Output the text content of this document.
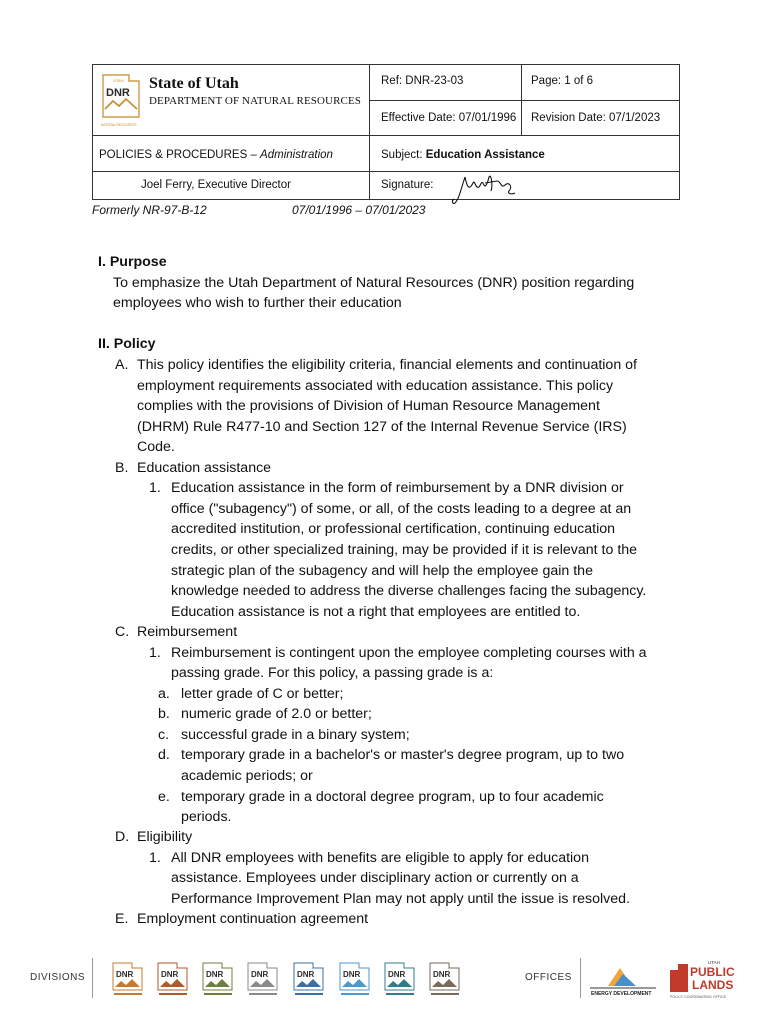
UTAH
DNR
NATURAL RESOURCES
State of Utah
DEPARTMENT OF NATURAL RESOURCES
Ref: DNR-23-03	Page: 1 of 6
Effective Date: 07/01/1996 Revision Date: 07/1/2023
POLICIES & PROCEDURES – Administration	Subject: Education Assistance
Joel Ferry, Executive Director	Signature:
Formerly NR-97-B-12	07/01/1996 – 07/01/2023
I. Purpose
To emphasize the Utah Department of Natural Resources (DNR) position regarding
employees who wish to further their education
II. Policy
A. This policy identifies the eligibility criteria, financial elements and continuation of
employment requirements associated with education assistance. This policy
complies with the provisions of Division of Human Resource Management
(DHRM) Rule R477-10 and Section 127 of the Internal Revenue Service (IRS)
Code.
B. Education assistance
1. Education assistance in the form of reimbursement by a DNR division or
office ("subagency") of some, or all, of the costs leading to a degree at an
accredited institution, or professional certification, continuing education
credits, or other specialized training, may be provided if it is relevant to the
strategic plan of the subagency and will help the employee gain the
knowledge needed to address the diverse challenges facing the subagency.
Education assistance is not a right that employees are entitled to.
C. Reimbursement
1. Reimbursement is contingent upon the employee completing courses with a
passing grade. For this policy, a passing grade is a:
a. letter grade of C or better;
b. numeric grade of 2.0 or better;
c. successful grade in a binary system;
d. temporary grade in a bachelor's or master's degree program, up to two
academic periods; or
e. temporary grade in a doctoral degree program, up to four academic
periods.
D. Eligibility
1. All DNR employees with benefits are eligible to apply for education
assistance. Employees under disciplinary action or currently on a
Performance Improvement Plan may not apply until the issue is resolved.
E. Employment continuation agreement
DIVISIONS	DNR	DNR	DNR	DNR	DNR	DNR	DNR	DNR	OFFICES
ENERGY DEVELOPMENT
UTAH
PUBLIC
LANDS
POLICY COORDINATING OFFICE
